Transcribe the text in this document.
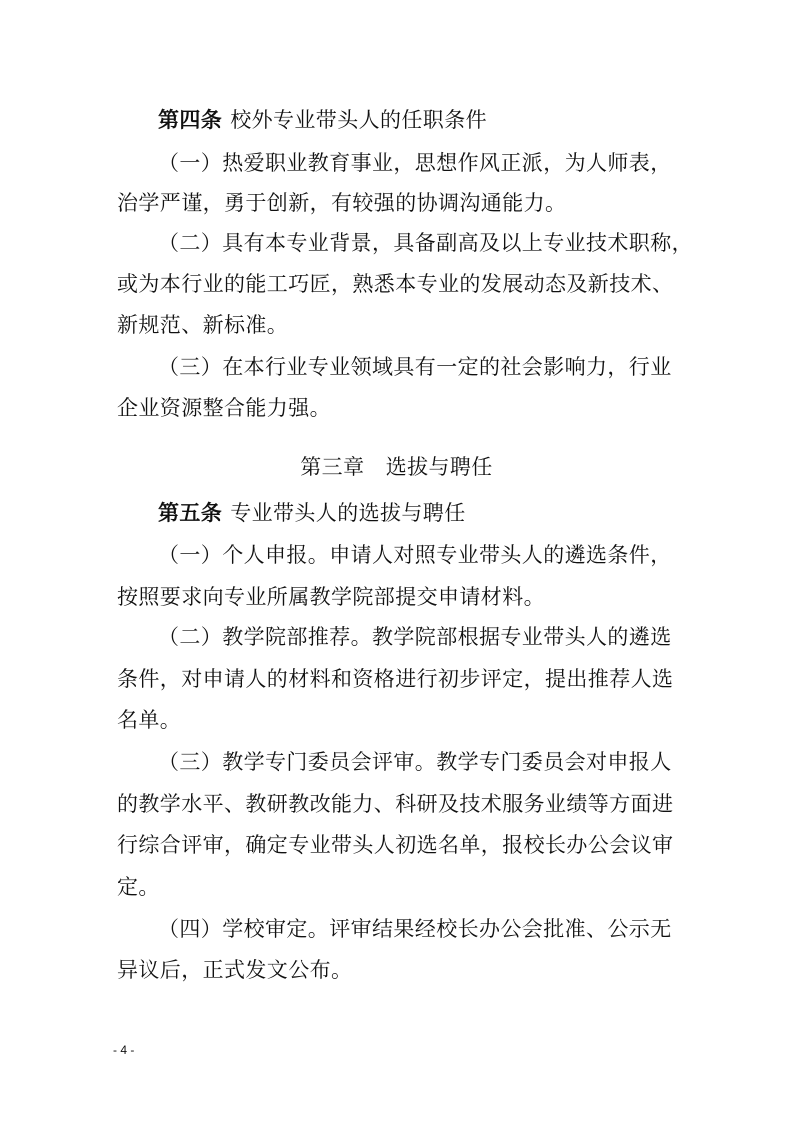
第四条 校外专业带头人的任职条件
（一）热爱职业教育事业，思想作风正派，为人师表，
治学严谨，勇于创新，有较强的协调沟通能力。
（二）具有本专业背景，具备副高及以上专业技术职称，
或为本行业的能工巧匠，熟悉本专业的发展动态及新技术、
新规范、新标准。
（三）在本行业专业领域具有一定的社会影响力，行业
企业资源整合能力强。
第三章   选拔与聘任
第五条 专业带头人的选拔与聘任
（一）个人申报。申请人对照专业带头人的遴选条件，
按照要求向专业所属教学院部提交申请材料。
（二）教学院部推荐。教学院部根据专业带头人的遴选
条件，对申请人的材料和资格进行初步评定，提出推荐人选
名单。
（三）教学专门委员会评审。教学专门委员会对申报人
的教学水平、教研教改能力、科研及技术服务业绩等方面进
行综合评审，确定专业带头人初选名单，报校长办公会议审
定。
（四）学校审定。评审结果经校长办公会批准、公示无
异议后，正式发文公布。
- 4 -
